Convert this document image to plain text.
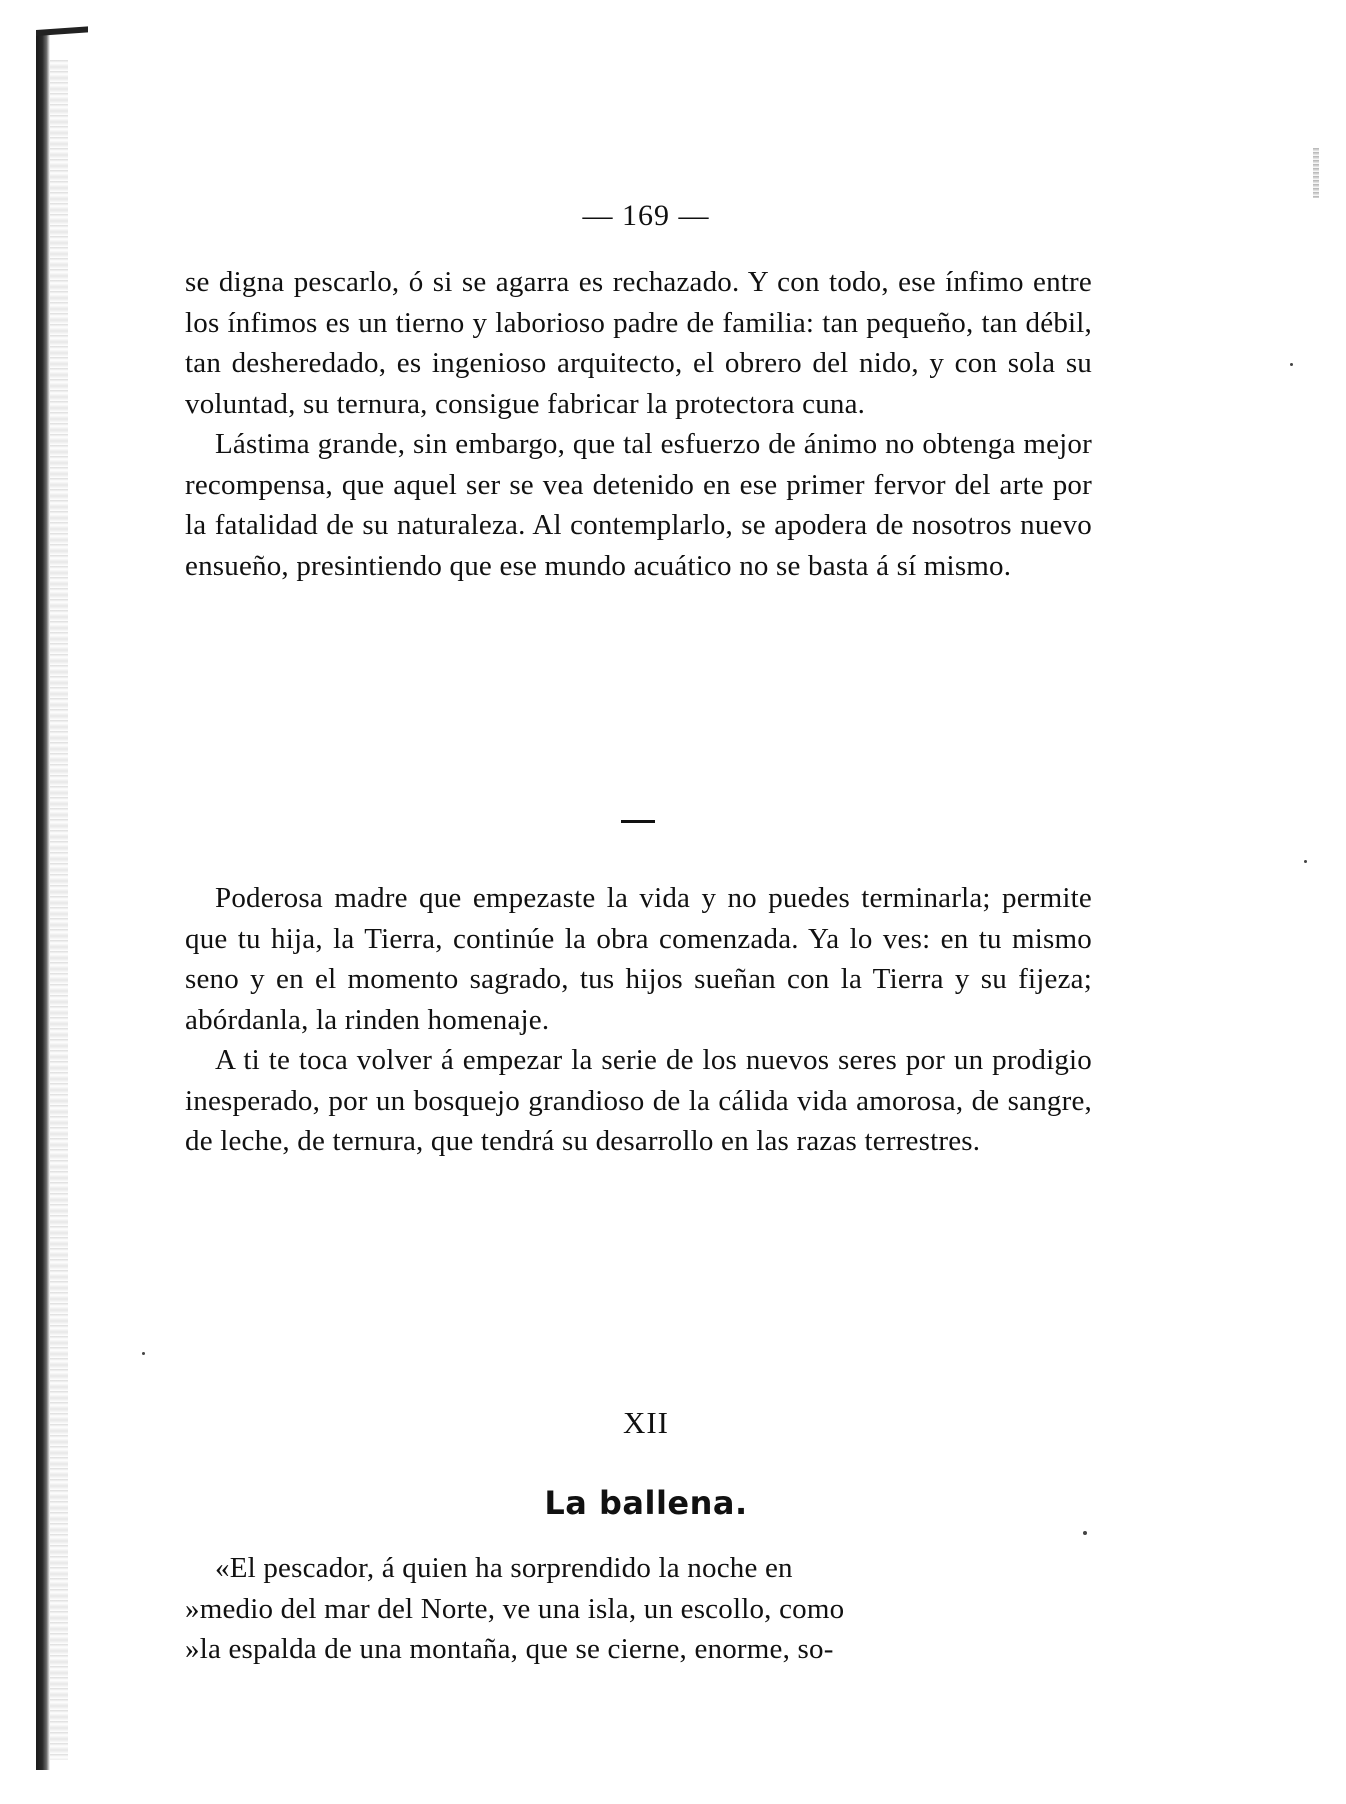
— 169 —

se digna pescarlo, ó si se agarra es rechazado. Y con todo, ese ínfimo entre los ínfimos es un tierno y laborioso padre de familia: tan pequeño, tan débil, tan desheredado, es ingenioso arquitecto, el obrero del nido, y con sola su voluntad, su ternura, consigue fabricar la protectora cuna.

Lástima grande, sin embargo, que tal esfuerzo de ánimo no obtenga mejor recompensa, que aquel ser se vea detenido en ese primer fervor del arte por la fatalidad de su naturaleza. Al contemplarlo, se apodera de nosotros nuevo ensueño, presintiendo que ese mundo acuático no se basta á sí mismo.

Poderosa madre que empezaste la vida y no puedes terminarla; permite que tu hija, la Tierra, continúe la obra comenzada. Ya lo ves: en tu mismo seno y en el momento sagrado, tus hijos sueñan con la Tierra y su fijeza; abórdanla, la rinden homenaje.

A ti te toca volver á empezar la serie de los nuevos seres por un prodigio inesperado, por un bosquejo grandioso de la cálida vida amorosa, de sangre, de leche, de ternura, que tendrá su desarrollo en las razas terrestres.

XII
La ballena.

«El pescador, á quien ha sorprendido la noche en

»medio del mar del Norte, ve una isla, un escollo, como

»la espalda de una montaña, que se cierne, enorme, so-
